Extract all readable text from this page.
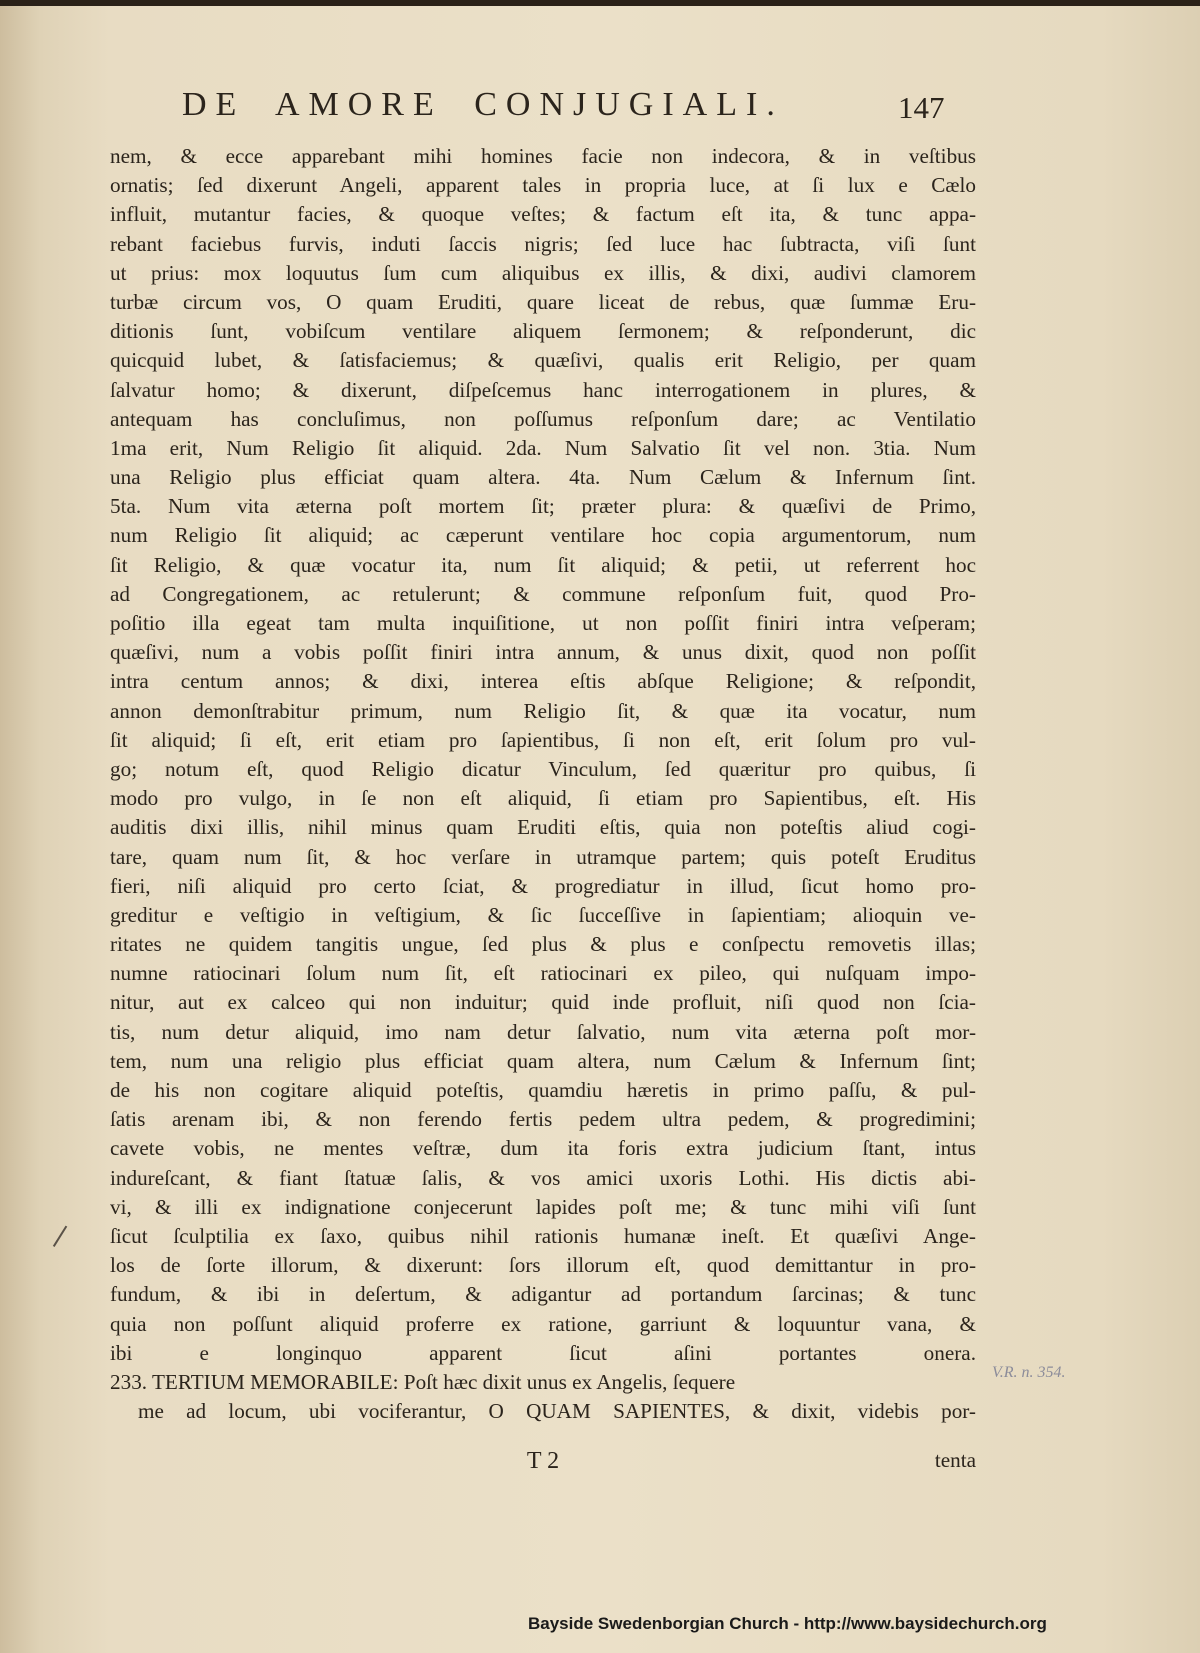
DE AMORE CONJUGIALI.	147
nem, & ecce apparebant mihi homines facie non indecora, & in veſtibus
ornatis; ſed dixerunt Angeli, apparent tales in propria luce, at ſi lux e Cælo
influit, mutantur facies, & quoque veſtes; & factum eſt ita, & tunc appa-
rebant faciebus furvis, induti ſaccis nigris; ſed luce hac ſubtracta, viſi ſunt
ut prius: mox loquutus ſum cum aliquibus ex illis, & dixi, audivi clamorem
turbæ circum vos, O quam Eruditi, quare liceat de rebus, quæ ſummæ Eru-
ditionis ſunt, vobiſcum ventilare aliquem ſermonem; & reſponderunt, dic
quicquid lubet, & ſatisfaciemus; & quæſivi, qualis erit Religio, per quam
ſalvatur homo; & dixerunt, diſpeſcemus hanc interrogationem in plures, &
antequam has concluſimus, non poſſumus reſponſum dare; ac Ventilatio
1ma erit, Num Religio ſit aliquid. 2da. Num Salvatio ſit vel non. 3tia. Num
una Religio plus efficiat quam altera. 4ta. Num Cælum & Infernum ſint.
5ta. Num vita æterna poſt mortem ſit; præter plura: & quæſivi de Primo,
num Religio ſit aliquid; ac cæperunt ventilare hoc copia argumentorum, num
ſit Religio, & quæ vocatur ita, num ſit aliquid; & petii, ut referrent hoc
ad Congregationem, ac retulerunt; & commune reſponſum fuit, quod Pro-
poſitio illa egeat tam multa inquiſitione, ut non poſſit finiri intra veſperam;
quæſivi, num a vobis poſſit finiri intra annum, & unus dixit, quod non poſſit
intra centum annos; & dixi, interea eſtis abſque Religione; & reſpondit,
annon demonſtrabitur primum, num Religio ſit, & quæ ita vocatur, num
ſit aliquid; ſi eſt, erit etiam pro ſapientibus, ſi non eſt, erit ſolum pro vul-
go; notum eſt, quod Religio dicatur Vinculum, ſed quæritur pro quibus, ſi
modo pro vulgo, in ſe non eſt aliquid, ſi etiam pro Sapientibus, eſt. His
auditis dixi illis, nihil minus quam Eruditi eſtis, quia non poteſtis aliud cogi-
tare, quam num ſit, & hoc verſare in utramque partem; quis poteſt Eruditus
fieri, niſi aliquid pro certo ſciat, & progrediatur in illud, ſicut homo pro-
greditur e veſtigio in veſtigium, & ſic ſucceſſive in ſapientiam; alioquin ve-
ritates ne quidem tangitis ungue, ſed plus & plus e conſpectu removetis illas;
numne ratiocinari ſolum num ſit, eſt ratiocinari ex pileo, qui nuſquam impo-
nitur, aut ex calceo qui non induitur; quid inde profluit, niſi quod non ſcia-
tis, num detur aliquid, imo nam detur ſalvatio, num vita æterna poſt mor-
tem, num una religio plus efficiat quam altera, num Cælum & Infernum ſint;
de his non cogitare aliquid poteſtis, quamdiu hæretis in primo paſſu, & pul-
ſatis arenam ibi, & non ferendo fertis pedem ultra pedem, & progredimini;
cavete vobis, ne mentes veſtræ, dum ita foris extra judicium ſtant, intus
indureſcant, & fiant ſtatuæ ſalis, & vos amici uxoris Lothi. His dictis abi-
vi, & illi ex indignatione conjecerunt lapides poſt me; & tunc mihi viſi ſunt
ſicut ſculptilia ex ſaxo, quibus nihil rationis humanæ ineſt. Et quæſivi Ange-
los de ſorte illorum, & dixerunt: ſors illorum eſt, quod demittantur in pro-
fundum, & ibi in deſertum, & adigantur ad portandum ſarcinas; & tunc
quia non poſſunt aliquid proferre ex ratione, garriunt & loquuntur vana, &
ibi e longinquo apparent ſicut aſini portantes onera.
233. TERTIUM MEMORABILE: Poſt hæc dixit unus ex Angelis, ſequere
me ad locum, ubi vociferantur, O QUAM SAPIENTES, & dixit, videbis por-
T 2	tenta
V.R. n. 354.
Bayside Swedenborgian Church - http://www.baysidechurch.org
